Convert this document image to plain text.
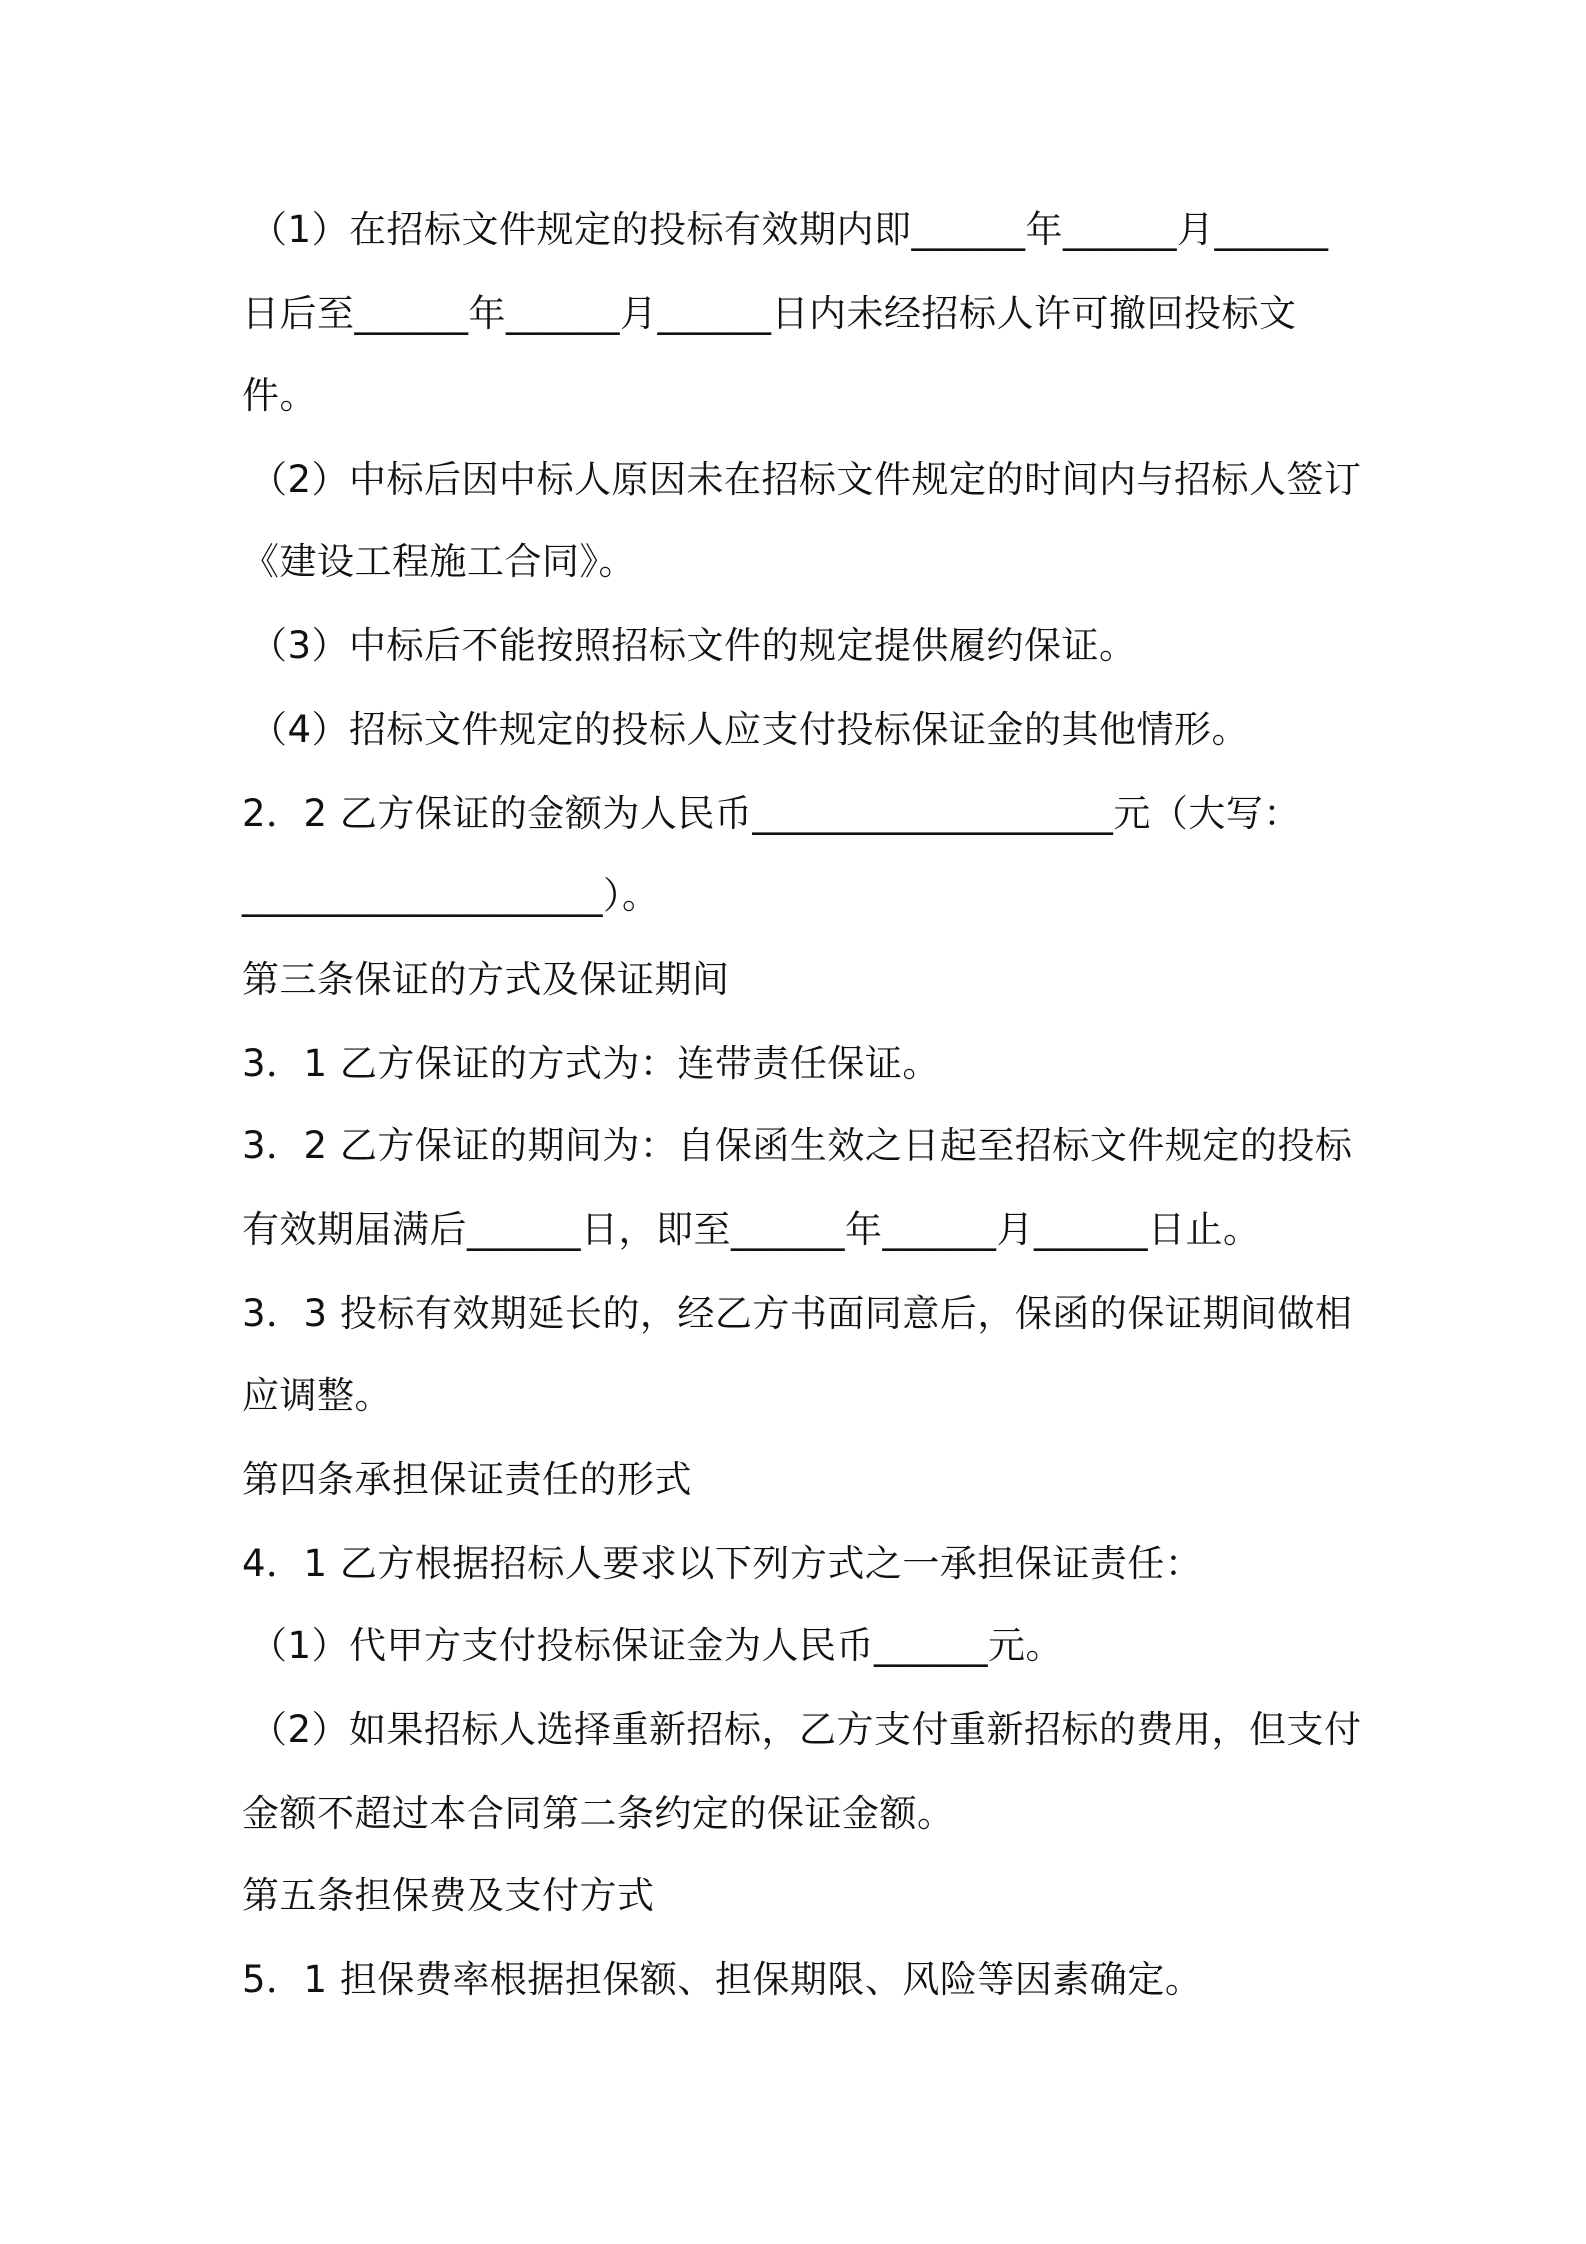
（1）在招标文件规定的投标有效期内即______年______月______
日后至______年______月______日内未经招标人许可撤回投标文
件。
（2）中标后因中标人原因未在招标文件规定的时间内与招标人签订
《建设工程施工合同》。
（3）中标后不能按照招标文件的规定提供履约保证。
（4）招标文件规定的投标人应支付投标保证金的其他情形。
2．2 乙方保证的金额为人民币___________________元（大写：
___________________）。
第三条保证的方式及保证期间
3．1 乙方保证的方式为：连带责任保证。
3．2 乙方保证的期间为：自保函生效之日起至招标文件规定的投标
有效期届满后______日，即至______年______月______日止。
3．3 投标有效期延长的，经乙方书面同意后，保函的保证期间做相
应调整。
第四条承担保证责任的形式
4．1 乙方根据招标人要求以下列方式之一承担保证责任：
（1）代甲方支付投标保证金为人民币______元。
（2）如果招标人选择重新招标，乙方支付重新招标的费用，但支付
金额不超过本合同第二条约定的保证金额。
第五条担保费及支付方式
5．1 担保费率根据担保额、担保期限、风险等因素确定。
